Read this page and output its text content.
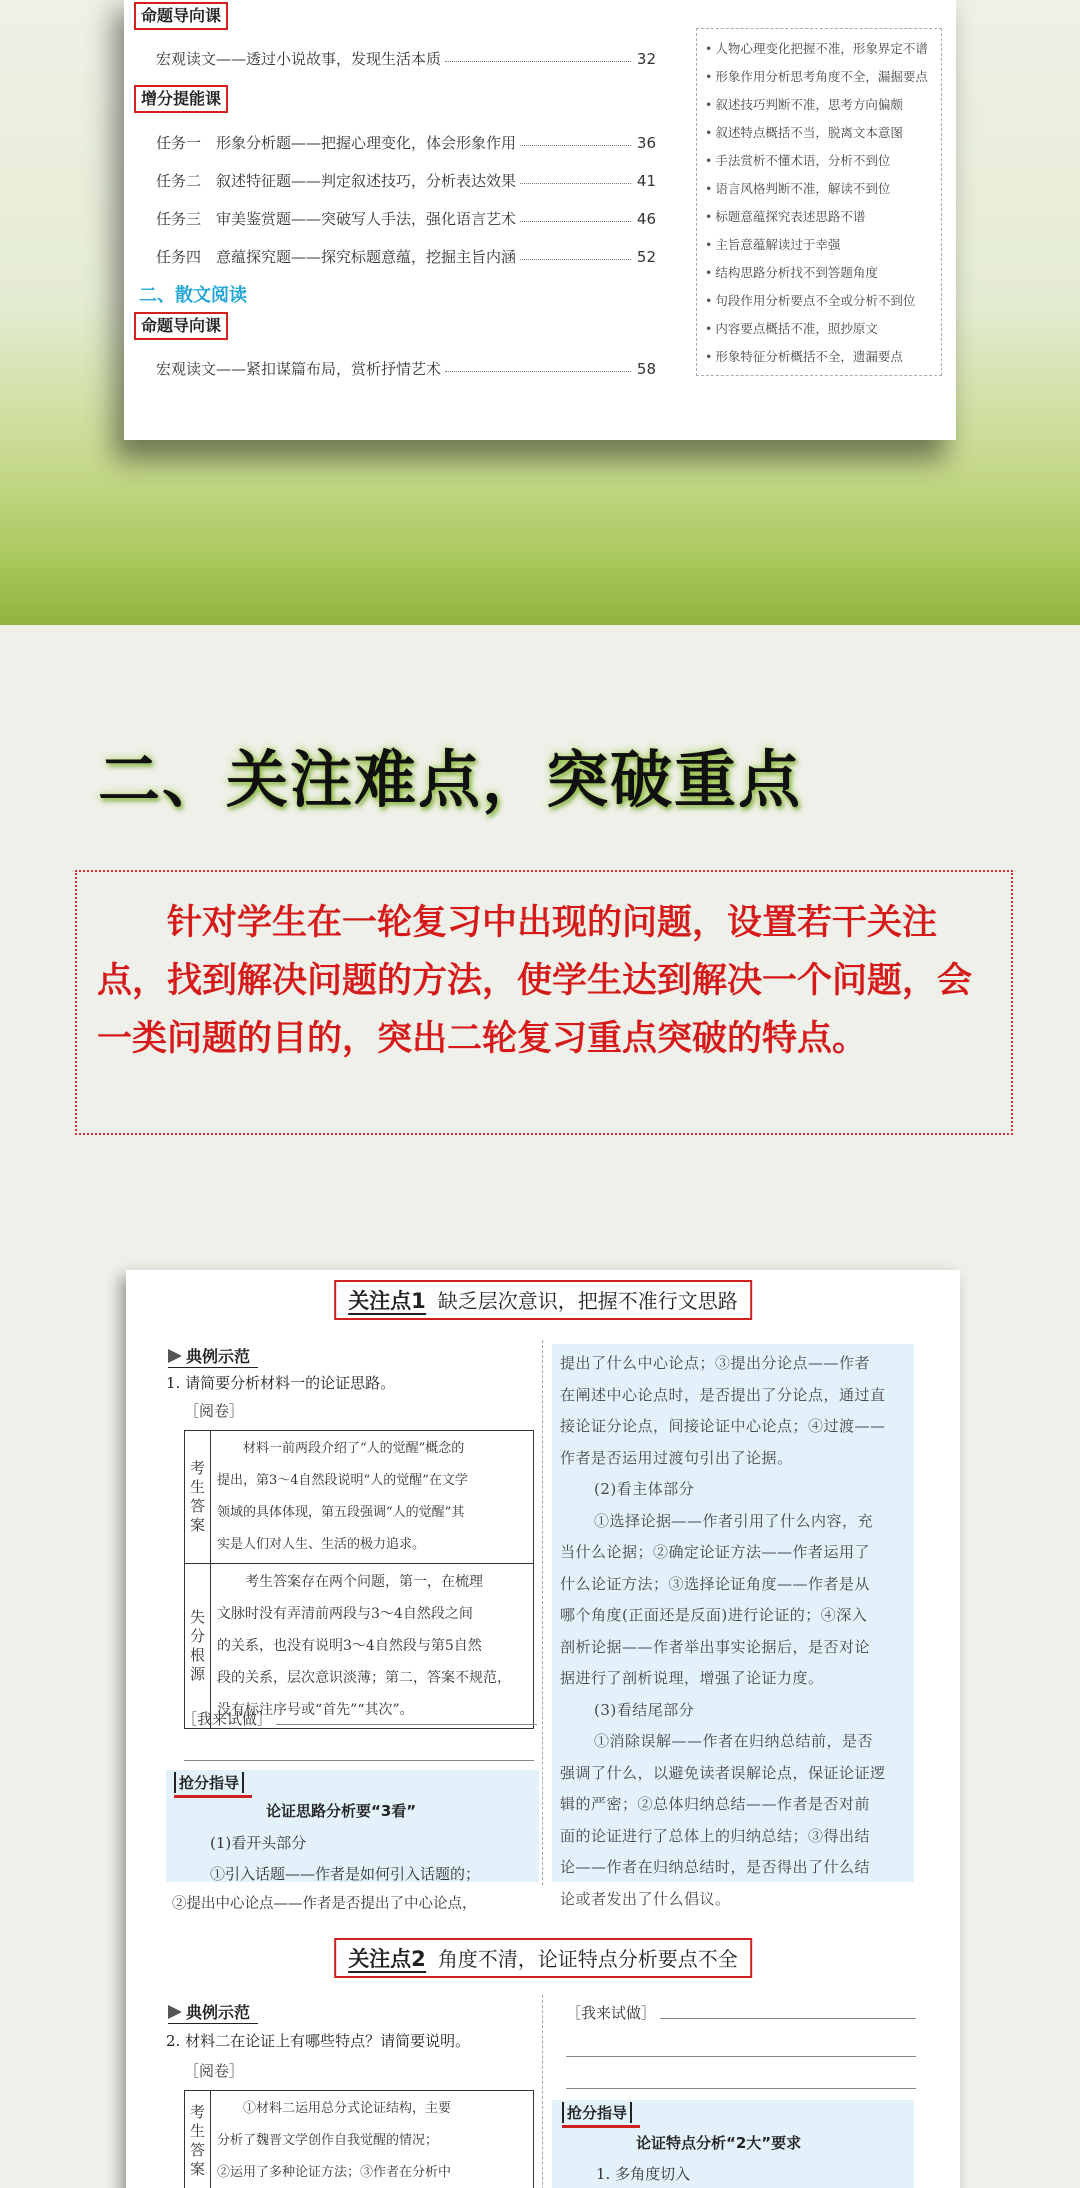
命题导向课
宏观读文——透过小说故事，发现生活本质	32
增分提能课
任务一　形象分析题——把握心理变化，体会形象作用	36
任务二　叙述特征题——判定叙述技巧，分析表达效果	41
任务三　审美鉴赏题——突破写人手法，强化语言艺术	46
任务四　意蕴探究题——探究标题意蕴，挖掘主旨内涵	52
二、散文阅读
命题导向课
宏观读文——紧扣谋篇布局，赏析抒情艺术	58
• 人物心理变化把握不准，形象界定不谱
• 形象作用分析思考角度不全，漏掘要点
• 叙述技巧判断不准，思考方向偏颇
• 叙述特点概括不当，脱离文本意图
• 手法赏析不懂术语，分析不到位
• 语言风格判断不准，解读不到位
• 标题意蕴探究表述思路不谱
• 主旨意蕴解读过于幸强
• 结构思路分析找不到答题角度
• 句段作用分析要点不全或分析不到位
• 内容要点概括不准，照抄原文
• 形象特征分析概括不全，遗漏要点
二、关注难点，突破重点

针对学生在一轮复习中出现的问题，设置若干关注点，找到解决问题的方法，使学生达到解决一个问题，会一类问题的目的，突出二轮复习重点突破的特点。

关注点1 缺乏层次意识，把握不准行文思路
典例示范
1. 请简要分析材料一的论证思路。
［阅卷］
考生答案	材料一前两段介绍了“人的觉醒”概念的
提出，第3～4自然段说明“人的觉醒”在文学
领域的具体体现，第五段强调“人的觉醒”其
实是人们对人生、生活的极力追求。

失分根源	考生答案存在两个问题，第一，在梳理
文脉时没有弄清前两段与3～4自然段之间
的关系，也没有说明3～4自然段与第5自然
段的关系，层次意识淡薄；第二，答案不规范，
没有标注序号或“首先”“其次”。
［我来试做］
抢分指导
论证思路分析要“3看”
(1)看开头部分
①引入话题——作者是如何引入话题的；
②提出中心论点——作者是否提出了中心论点，
提出了什么中心论点；③提出分论点——作者
在阐述中心论点时，是否提出了分论点，通过直
接论证分论点，间接论证中心论点；④过渡——
作者是否运用过渡句引出了论据。
(2)看主体部分
①选择论据——作者引用了什么内容，充
当什么论据；②确定论证方法——作者运用了
什么论证方法；③选择论证角度——作者是从
哪个角度(正面还是反面)进行论证的；④深入
剖析论据——作者举出事实论据后，是否对论
据进行了剖析说理，增强了论证力度。
(3)看结尾部分
①消除误解——作者在归纳总结前，是否
强调了什么，以避免读者误解论点，保证论证逻
辑的严密；②总体归纳总结——作者是否对前
面的论证进行了总体上的归纳总结；③得出结
论——作者在归纳总结时，是否得出了什么结
论或者发出了什么倡议。
关注点2 角度不清，论证特点分析要点不全
典例示范
2. 材料二在论证上有哪些特点？请简要说明。
［阅卷］
考生答案	
①材料二运用总分式论证结构，主要
分析了魏晋文学创作自我觉醒的情况；
②运用了多种论证方法；③作者在分析中
［我来试做］
抢分指导
论证特点分析“2大”要求
1. 多角度切入
